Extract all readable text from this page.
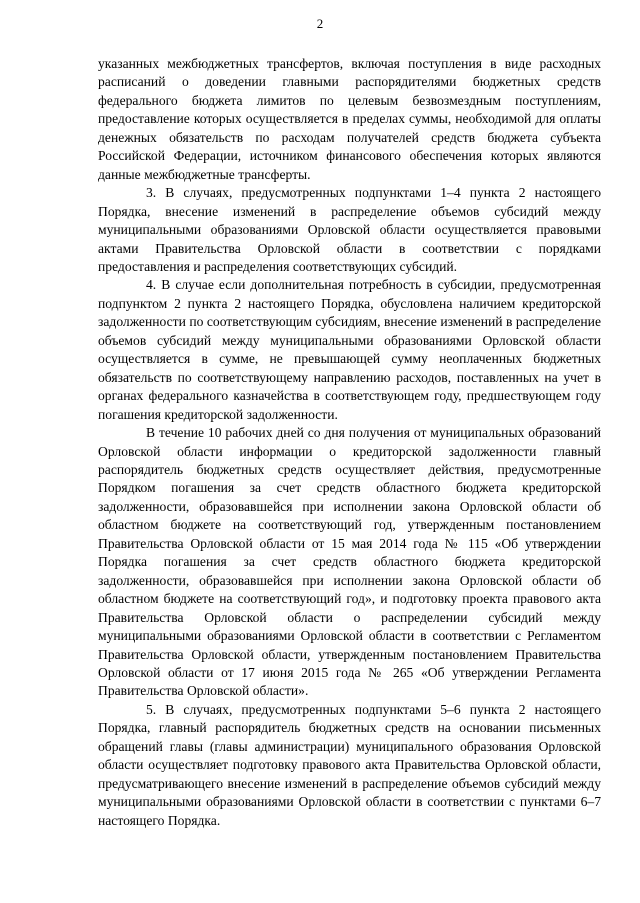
2

указанных межбюджетных трансфертов, включая поступления в виде расходных расписаний о доведении главными распорядителями бюджетных средств федерального бюджета лимитов по целевым безвозмездным поступлениям, предоставление которых осуществляется в пределах суммы, необходимой для оплаты денежных обязательств по расходам получателей средств бюджета субъекта Российской Федерации, источником финансового обеспечения которых являются данные межбюджетные трансферты.

3. В случаях, предусмотренных подпунктами 1–4 пункта 2 настоящего Порядка, внесение изменений в распределение объемов субсидий между муниципальными образованиями Орловской области осуществляется правовыми актами Правительства Орловской области в соответствии с порядками предоставления и распределения соответствующих субсидий.

4. В случае если дополнительная потребность в субсидии, предусмотренная подпунктом 2 пункта 2 настоящего Порядка, обусловлена наличием кредиторской задолженности по соответствующим субсидиям, внесение изменений в распределение объемов субсидий между муниципальными образованиями Орловской области осуществляется в сумме, не превышающей сумму неоплаченных бюджетных обязательств по соответствующему направлению расходов, поставленных на учет в органах федерального казначейства в соответствующем году, предшествующем году погашения кредиторской задолженности.

В течение 10 рабочих дней со дня получения от муниципальных образований Орловской области информации о кредиторской задолженности главный распорядитель бюджетных средств осуществляет действия, предусмотренные Порядком погашения за счет средств областного бюджета кредиторской задолженности, образовавшейся при исполнении закона Орловской области об областном бюджете на соответствующий год, утвержденным постановлением Правительства Орловской области от 15 мая 2014 года № 115 «Об утверждении Порядка погашения за счет средств областного бюджета кредиторской задолженности, образовавшейся при исполнении закона Орловской области об областном бюджете на соответствующий год», и подготовку проекта правового акта Правительства Орловской области о распределении субсидий между муниципальными образованиями Орловской области в соответствии с Регламентом Правительства Орловской области, утвержденным постановлением Правительства Орловской области от 17 июня 2015 года № 265 «Об утверждении Регламента Правительства Орловской области».

5. В случаях, предусмотренных подпунктами 5–6 пункта 2 настоящего Порядка, главный распорядитель бюджетных средств на основании письменных обращений главы (главы администрации) муниципального образования Орловской области осуществляет подготовку правового акта Правительства Орловской области, предусматривающего внесение изменений в распределение объемов субсидий между муниципальными образованиями Орловской области в соответствии с пунктами 6–7 настоящего Порядка.
